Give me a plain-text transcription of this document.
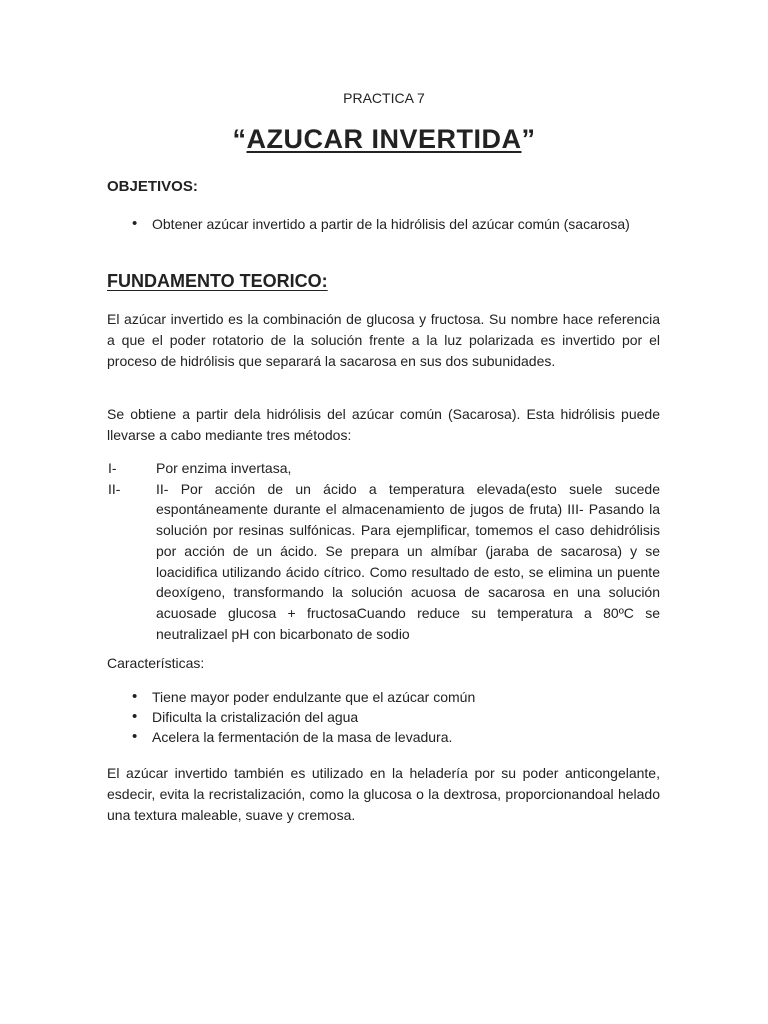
PRACTICA 7
“AZUCAR INVERTIDA”
OBJETIVOS:
• Obtener azúcar invertido a partir de la hidrólisis del azúcar común (sacarosa)
FUNDAMENTO TEORICO:

El azúcar invertido es la combinación de glucosa y fructosa. Su nombre hace referencia a que el poder rotatorio de la solución frente a la luz polarizada es invertido por el proceso de hidrólisis que separará la sacarosa en sus dos subunidades.

Se obtiene a partir dela hidrólisis del azúcar común (Sacarosa). Esta hidrólisis puede llevarse a cabo mediante tres métodos:

I-	Por enzima invertasa,
II-	II- Por acción de un ácido a temperatura elevada(esto suele sucede espontáneamente durante el almacenamiento de jugos de fruta) III- Pasando la solución por resinas sulfónicas. Para ejemplificar, tomemos el caso dehidrólisis por acción de un ácido. Se prepara un almíbar (jaraba de sacarosa) y se loacidifica utilizando ácido cítrico. Como resultado de esto, se elimina un puente deoxígeno, transformando la solución acuosa de sacarosa en una solución acuosade glucosa + fructosaCuando reduce su temperatura a 80ºC se neutralizael pH con bicarbonato de sodio
Características:
• Tiene mayor poder endulzante que el azúcar común
• Dificulta la cristalización del agua
• Acelera la fermentación de la masa de levadura.

El azúcar invertido también es utilizado en la heladería por su poder anticongelante, esdecir, evita la recristalización, como la glucosa o la dextrosa, proporcionandoal helado una textura maleable, suave y cremosa.
